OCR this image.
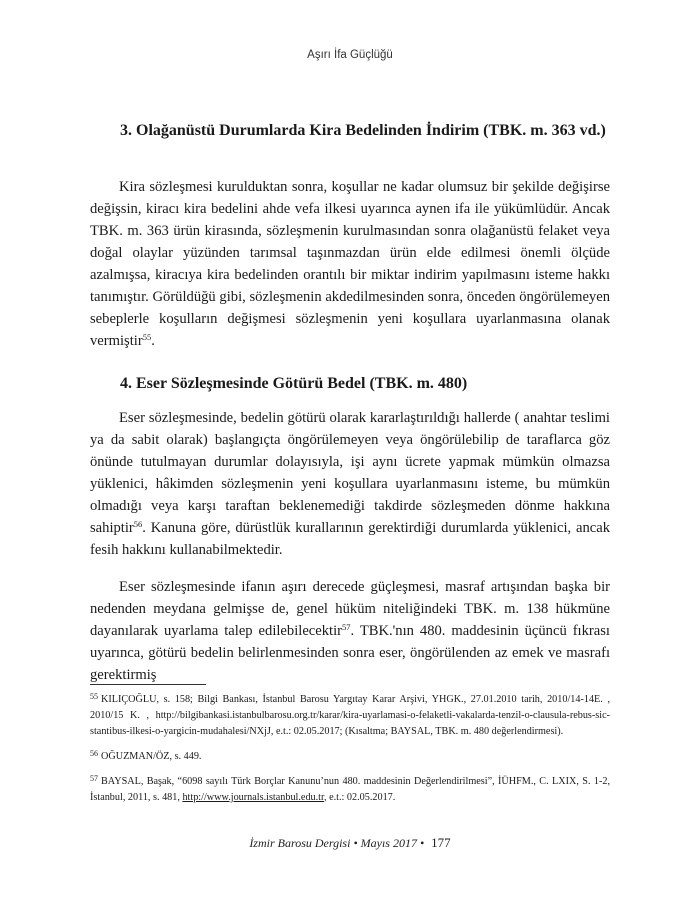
Aşırı İfa Güçlüğü
3. Olağanüstü Durumlarda Kira Bedelinden İndirim (TBK. m. 363 vd.)

Kira sözleşmesi kurulduktan sonra, koşullar ne kadar olumsuz bir şekilde değişirse değişsin, kiracı kira bedelini ahde vefa ilkesi uyarınca aynen ifa ile yükümlüdür. Ancak TBK. m. 363 ürün kirasında, sözleşmenin kurulmasından sonra olağanüstü felaket veya doğal olaylar yüzünden tarımsal taşınmazdan ürün elde edilmesi önemli ölçüde azalmışsa, kiracıya kira bedelinden orantılı bir miktar indirim yapılmasını isteme hakkı tanımıştır. Görüldüğü gibi, sözleşmenin akdedilmesinden sonra, önceden öngörülemeyen sebeplerle koşulların değişmesi sözleşmenin yeni koşullara uyarlanmasına olanak vermiştir$^{55}$.

4. Eser Sözleşmesinde Götürü Bedel (TBK. m. 480)

Eser sözleşmesinde, bedelin götürü olarak kararlaştırıldığı hallerde ( anahtar teslimi ya da sabit olarak) başlangıçta öngörülemeyen veya öngörülebilip de taraflarca göz önünde tutulmayan durumlar dolayısıyla, işi aynı ücrete yapmak mümkün olmazsa yüklenici, hâkimden sözleşmenin yeni koşullara uyarlanmasını isteme, bu mümkün olmadığı veya karşı taraftan beklenemediği takdirde sözleşmeden dönme hakkına sahiptir$^{56}$. Kanuna göre, dürüstlük kurallarının gerektirdiği durumlarda yüklenici, ancak fesih hakkını kullanabilmektedir.

Eser sözleşmesinde ifanın aşırı derecede güçleşmesi, masraf artışından başka bir nedenden meydana gelmişse de, genel hüküm niteliğindeki TBK. m. 138 hükmüne dayanılarak uyarlama talep edilebilecektir$^{57}$. TBK.'nın 480. maddesinin üçüncü fıkrası uyarınca, götürü bedelin belirlenmesinden sonra eser, öngörülenden az emek ve masrafı gerektirmiş

$^{55}$ KILIÇOĞLU, s. 158; Bilgi Bankası, İstanbul Barosu Yargıtay Karar Arşivi, YHGK., 27.01.2010 tarih, 2010/14-14E. , 2010/15 K. , http://bilgibankasi.istanbulbarosu.org.tr/karar/kira-uyarlamasi-o-felaketli-vakalarda-tenzil-o-clausula-rebus-sic-stantibus-ilkesi-o-yargicin-mudahalesi/NXjJ, e.t.: 02.05.2017; (Kısaltma; BAYSAL, TBK. m. 480 değerlendirmesi).

$^{56}$ OĞUZMAN/ÖZ, s. 449.

$^{57}$ BAYSAL, Başak, “6098 sayılı Türk Borçlar Kanunu’nun 480. maddesinin Değerlendirilmesi”, İÜHFM., C. LXIX, S. 1-2, İstanbul, 2011, s. 481, http://www.journals.istanbul.edu.tr, e.t.: 02.05.2017.

İzmir Barosu Dergisi • Mayıs 2017 • 177
